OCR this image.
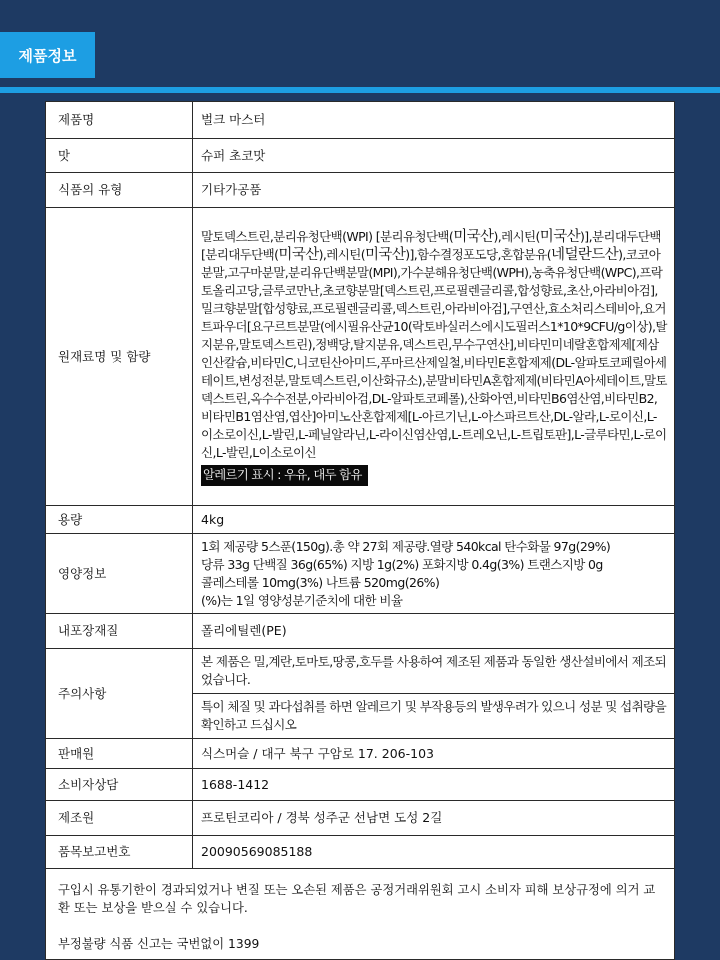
제품정보
제품명	벌크 마스터
맛	슈퍼 초코맛
식품의 유형	기타가공품
원재료명 및 함량	말토덱스트린,분리유청단백(WPI) [분리유청단백(미국산),레시틴(미국산)],분리대두단백[분리대두단백(미국산),레시틴(미국산)],함수결정포도당,혼합분유(네덜란드산),코코아분말,고구마분말,분리유단백분말(MPI),가수분해유청단백(WPH),농축유청단백(WPC),프락토올리고당,글루코만난,초코향분말[덱스트린,프로필렌글리콜,합성향료,초산,아라비아검],밀크향분말[합성향료,프로필렌글리콜,덱스트린,아라비아검],구연산,효소처리스테비아,요거트파우더[요구르트분말(에시필유산균10(락토바실러스에시도필러스1*10*9CFU/g이상),탈지분유,말토덱스트린),정백당,탈지분유,덱스트린,무수구연산],비타민미네랄혼합제제[제삼인산칼슘,비타민C,니코틴산아미드,푸마르산제일철,비타민E혼합제제(DL-알파토코페릴아세테이트,변성전분,말토덱스트린,이산화규소),분말비타민A혼합제제(비타민A아세테이트,말토덱스트린,옥수수전분,아라비아검,DL-알파토코페롤),산화아연,비타민B6염산염,비타민B2,비타민B1염산염,엽산]아미노산혼합제제[L-아르기닌,L-아스파르트산,DL-알라,L-로이신,L-이소로이신,L-발린,L-페닐알라닌,L-라이신염산염,L-트레오닌,L-트립토판],L-글루타민,L-로이신,L-발린,L이소로이신
알레르기 표시 : 우유, 대두 함유
용량	4kg
영양정보	1회 제공량 5스푼(150g).총 약 27회 제공량.열량 540kcal 탄수화물 97g(29%)
당류 33g 단백질 36g(65%) 지방 1g(2%) 포화지방 0.4g(3%) 트랜스지방 0g
콜레스테롤 10mg(3%) 나트륨 520mg(26%)
(%)는 1일 영양성분기준치에 대한 비율

내포장재질	폴리에틸렌(PE)
주의사항	본 제품은 밀,계란,토마토,땅콩,호두를 사용하여 제조된 제품과 동일한 생산설비에서 제조되었습니다.
	특이 체질 및 과다섭취를 하면 알레르기 및 부작용등의 발생우려가 있으니 성분 및 섭취량을 확인하고 드십시오
판매원	식스머슬 / 대구 북구 구암로 17. 206-103
소비자상담	1688-1412
제조원	프로틴코리아 / 경북 성주군 선남면 도성 2길
품목보고번호	20090569085188

구입시 유통기한이 경과되었거나 변질 또는 오손된 제품은 공정거래위원회 고시 소비자 피해 보상규정에 의거 교환 또는 보상을 받으실 수 있습니다.

부정불량 식품 신고는 국번없이 1399	
